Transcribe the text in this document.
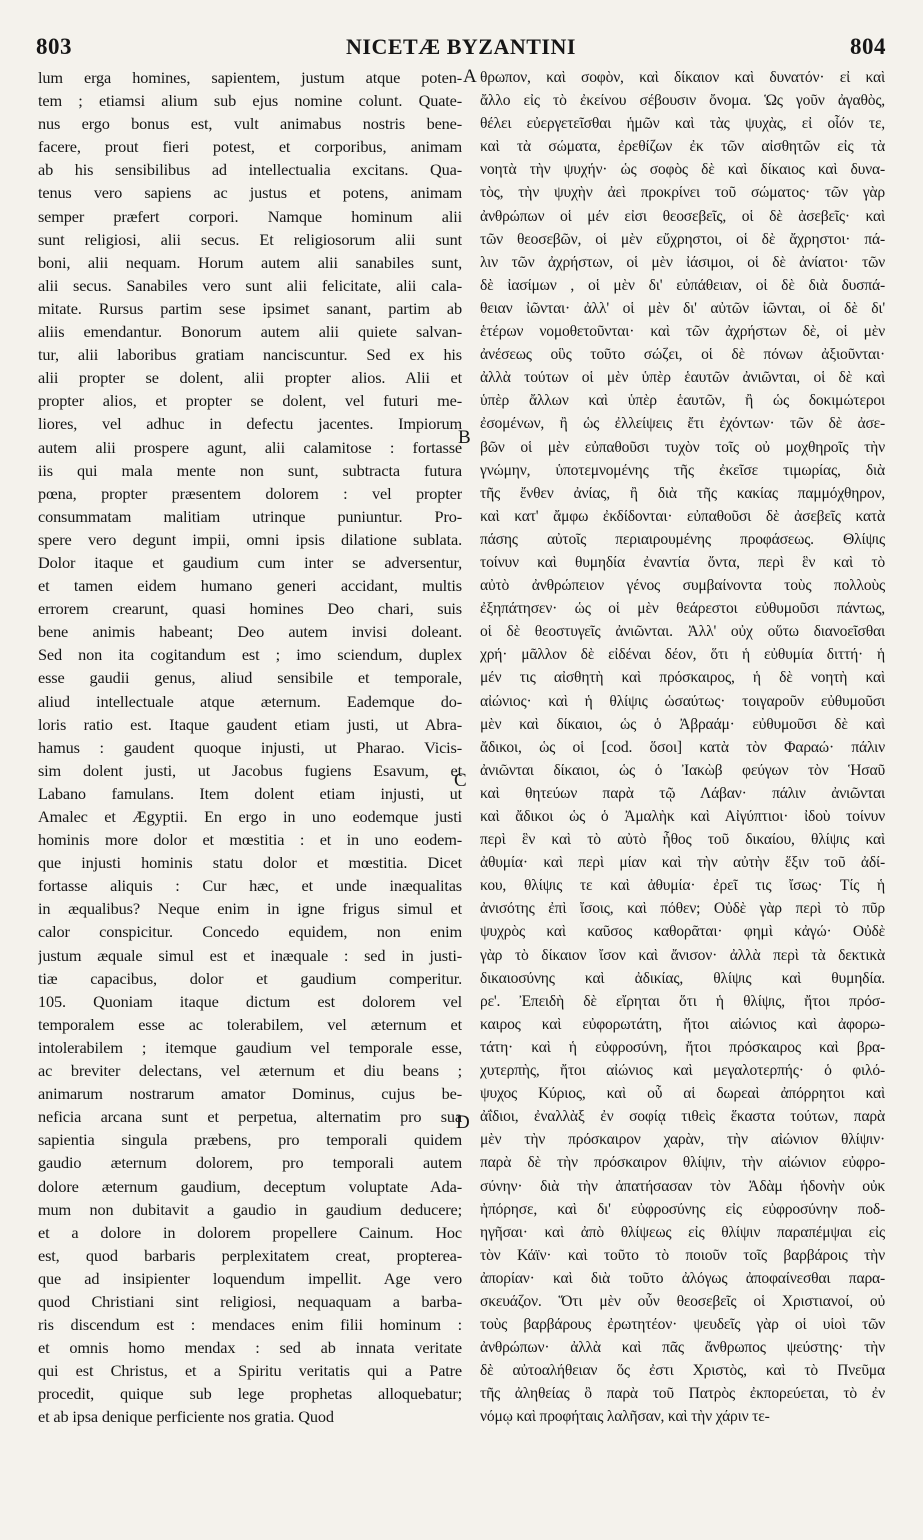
803	NICETÆ BYZANTINI	804
lum erga homines, sapientem, justum atque poten-
tem ; etiamsi alium sub ejus nomine colunt. Quate-
nus ergo bonus est, vult animabus nostris bene-
facere, prout fieri potest, et corporibus, animam
ab his sensibilibus ad intellectualia excitans. Qua-
tenus vero sapiens ac justus et potens, animam
semper præfert corpori. Namque hominum alii
sunt religiosi, alii secus. Et religiosorum alii sunt
boni, alii nequam. Horum autem alii sanabiles sunt,
alii secus. Sanabiles vero sunt alii felicitate, alii cala-
mitate. Rursus partim sese ipsimet sanant, partim ab
aliis emendantur. Bonorum autem alii quiete salvan-
tur, alii laboribus gratiam nanciscuntur. Sed ex his
alii propter se dolent, alii propter alios. Alii et
propter alios, et propter se dolent, vel futuri me-
liores, vel adhuc in defectu jacentes. Impiorum
autem alii prospere agunt, alii calamitose : fortasse
iis qui mala mente non sunt, subtracta futura
pœna, propter præsentem dolorem : vel propter
consummatam malitiam utrinque puniuntur. Pro-
spere vero degunt impii, omni ipsis dilatione sublata.
Dolor itaque et gaudium cum inter se adversentur,
et tamen eidem humano generi accidant, multis
errorem crearunt, quasi homines Deo chari, suis
bene animis habeant; Deo autem invisi doleant.
Sed non ita cogitandum est ; imo sciendum, duplex
esse gaudii genus, aliud sensibile et temporale,
aliud intellectuale atque æternum. Eademque do-
loris ratio est. Itaque gaudent etiam justi, ut Abra-
hamus : gaudent quoque injusti, ut Pharao. Vicis-
sim dolent justi, ut Jacobus fugiens Esavum, et
Labano famulans. Item dolent etiam injusti, ut
Amalec et Ægyptii. En ergo in uno eodemque justi
hominis more dolor et mœstitia : et in uno eodem-
que injusti hominis statu dolor et mœstitia. Dicet
fortasse aliquis : Cur hæc, et unde inæqualitas
in æqualibus? Neque enim in igne frigus simul et
calor conspicitur. Concedo equidem, non enim
justum æquale simul est et inæquale : sed in justi-
tiæ capacibus, dolor et gaudium comperitur.
105. Quoniam itaque dictum est dolorem vel
temporalem esse ac tolerabilem, vel æternum et
intolerabilem ; itemque gaudium vel temporale esse,
ac breviter delectans, vel æternum et diu beans ;
animarum nostrarum amator Dominus, cujus be-
neficia arcana sunt et perpetua, alternatim pro sua
sapientia singula præbens, pro temporali quidem
gaudio æternum dolorem, pro temporali autem
dolore æternum gaudium, deceptum voluptate Ada-
mum non dubitavit a gaudio in gaudium deducere;
et a dolore in dolorem propellere Cainum. Hoc
est, quod barbaris perplexitatem creat, propterea-
que ad insipienter loquendum impellit. Age vero
quod Christiani sint religiosi, nequaquam a barba-
ris discendum est : mendaces enim filii hominum :
et omnis homo mendax : sed ab innata veritate
qui est Christus, et a Spiritu veritatis qui a Patre
procedit, quique sub lege prophetas alloquebatur;
et ab ipsa denique perficiente nos gratia. Quod
θρωπον, καὶ σοφὸν, καὶ δίκαιον καὶ δυνατόν· εἰ καὶ
ἄλλο εἰς τὸ ἐκείνου σέβουσιν ὄνομα. Ὡς γοῦν ἀγαθὸς,
θέλει εὐεργετεῖσθαι ἡμῶν καὶ τὰς ψυχὰς, εἰ οἷόν τε,
καὶ τὰ σώματα, ἐρεθίζων ἐκ τῶν αἰσθητῶν εἰς τὰ
νοητὰ τὴν ψυχήν· ὡς σοφὸς δὲ καὶ δίκαιος καὶ δυνα-
τὸς, τὴν ψυχὴν ἀεὶ προκρίνει τοῦ σώματος· τῶν γὰρ
ἀνθρώπων οἱ μέν εἰσι θεοσεβεῖς, οἱ δὲ ἀσεβεῖς· καὶ
τῶν θεοσεβῶν, οἱ μὲν εὔχρηστοι, οἱ δὲ ἄχρηστοι· πά-
λιν τῶν ἀχρήστων, οἱ μὲν ἰάσιμοι, οἱ δὲ ἀνίατοι· τῶν
δὲ ἰασίμων , οἱ μὲν δι' εὐπάθειαν, οἱ δὲ διὰ δυσπά-
θειαν ἰῶνται· ἀλλ' οἱ μὲν δι' αὐτῶν ἰῶνται, οἱ δὲ δι'
ἑτέρων νομοθετοῦνται· καὶ τῶν ἀχρήστων δὲ, οἱ μὲν
ἀνέσεως οὓς τοῦτο σώζει, οἱ δὲ πόνων ἀξιοῦνται·
ἀλλὰ τούτων οἱ μὲν ὑπὲρ ἑαυτῶν ἀνιῶνται, οἱ δὲ καὶ
ὑπὲρ ἄλλων καὶ ὑπὲρ ἑαυτῶν, ἢ ὡς δοκιμώτεροι
ἐσομένων, ἢ ὡς ἐλλείψεις ἔτι ἐχόντων· τῶν δὲ ἀσε-
βῶν οἱ μὲν εὐπαθοῦσι τυχὸν τοῖς οὐ μοχθηροῖς τὴν
γνώμην, ὑποτεμνομένης τῆς ἐκεῖσε τιμωρίας, διὰ
τῆς ἔνθεν ἀνίας, ἢ διὰ τῆς κακίας παμμόχθηρον,
καὶ κατ' ἄμφω ἐκδίδονται· εὐπαθοῦσι δὲ ἀσεβεῖς κατὰ
πάσης αὐτοῖς περιαιρουμένης προφάσεως. Θλίψις
τοίνυν καὶ θυμηδία ἐναντία ὄντα, περὶ ἓν καὶ τὸ
αὐτὸ ἀνθρώπειον γένος συμβαίνοντα τοὺς πολλοὺς
ἐξηπάτησεν· ὡς οἱ μὲν θεάρεστοι εὐθυμοῦσι πάντως,
οἱ δὲ θεοστυγεῖς ἀνιῶνται. Ἀλλ' οὐχ οὕτω διανοεῖσθαι
χρή· μᾶλλον δὲ εἰδέναι δέον, ὅτι ἡ εὐθυμία διττή· ἡ
μέν τις αἰσθητὴ καὶ πρόσκαιρος, ἡ δὲ νοητὴ καὶ
αἰώνιος· καὶ ἡ θλίψις ὡσαύτως· τοιγαροῦν εὐθυμοῦσι
μὲν καὶ δίκαιοι, ὡς ὁ Ἀβραάμ· εὐθυμοῦσι δὲ καὶ
ἄδικοι, ὡς οἱ [cod. ὅσοι] κατὰ τὸν Φαραώ· πάλιν
ἀνιῶνται δίκαιοι, ὡς ὁ Ἰακὼβ φεύγων τὸν Ἡσαῦ
καὶ θητεύων παρὰ τῷ Λάβαν· πάλιν ἀνιῶνται
καὶ ἄδικοι ὡς ὁ Ἀμαλὴκ καὶ Αἰγύπτιοι· ἰδοὺ τοίνυν
περὶ ἓν καὶ τὸ αὐτὸ ἦθος τοῦ δικαίου, θλίψις καὶ
ἀθυμία· καὶ περὶ μίαν καὶ τὴν αὐτὴν ἕξιν τοῦ ἀδί-
κου, θλίψις τε καὶ ἀθυμία· ἐρεῖ τις ἴσως· Τίς ἡ
ἀνισότης ἐπὶ ἴσοις, καὶ πόθεν; Οὐδὲ γὰρ περὶ τὸ πῦρ
ψυχρὸς καὶ καῦσος καθορᾶται· φημὶ κἀγώ· Οὐδὲ
γὰρ τὸ δίκαιον ἴσον καὶ ἄνισον· ἀλλὰ περὶ τὰ δεκτικὰ
δικαιοσύνης καὶ ἀδικίας, θλίψις καὶ θυμηδία.
ρε'. Ἐπειδὴ δὲ εἴρηται ὅτι ἡ θλίψις, ἤτοι πρόσ-
καιρος καὶ εὐφορωτάτη, ἤτοι αἰώνιος καὶ ἀφορω-
τάτη· καὶ ἡ εὐφροσύνη, ἤτοι πρόσκαιρος καὶ βρα-
χυτερπὴς, ἤτοι αἰώνιος καὶ μεγαλοτερπής· ὁ φιλό-
ψυχος Κύριος, καὶ οὗ αἱ δωρεαὶ ἀπόρρητοι καὶ
ἀΐδιοι, ἐναλλὰξ ἐν σοφίᾳ τιθεὶς ἕκαστα τούτων, παρὰ
μὲν τὴν πρόσκαιρον χαρὰν, τὴν αἰώνιον θλίψιν·
παρὰ δὲ τὴν πρόσκαιρον θλίψιν, τὴν αἰώνιον εὐφρο-
σύνην· διὰ τὴν ἀπατήσασαν τὸν Ἀδὰμ ἡδονὴν οὐκ
ἠπόρησε, καὶ δι' εὐφροσύνης εἰς εὐφροσύνην ποδ-
ηγῆσαι· καὶ ἀπὸ θλίψεως εἰς θλίψιν παραπέμψαι εἰς
τὸν Κάϊν· καὶ τοῦτο τὸ ποιοῦν τοῖς βαρβάροις τὴν
ἀπορίαν· καὶ διὰ τοῦτο ἀλόγως ἀποφαίνεσθαι παρα-
σκευάζον. Ὅτι μὲν οὖν θεοσεβεῖς οἱ Χριστιανοί, οὐ
τοὺς βαρβάρους ἐρωτητέον· ψευδεῖς γὰρ οἱ υἱοὶ τῶν
ἀνθρώπων· ἀλλὰ καὶ πᾶς ἄνθρωπος ψεύστης· τὴν
δὲ αὐτοαλήθειαν ὅς ἐστι Χριστὸς, καὶ τὸ Πνεῦμα
τῆς ἀληθείας ὃ παρὰ τοῦ Πατρὸς ἐκπορεύεται, τὸ ἐν
νόμῳ καὶ προφήταις λαλῆσαν, καὶ τὴν χάριν τε-
A
B
C
D
